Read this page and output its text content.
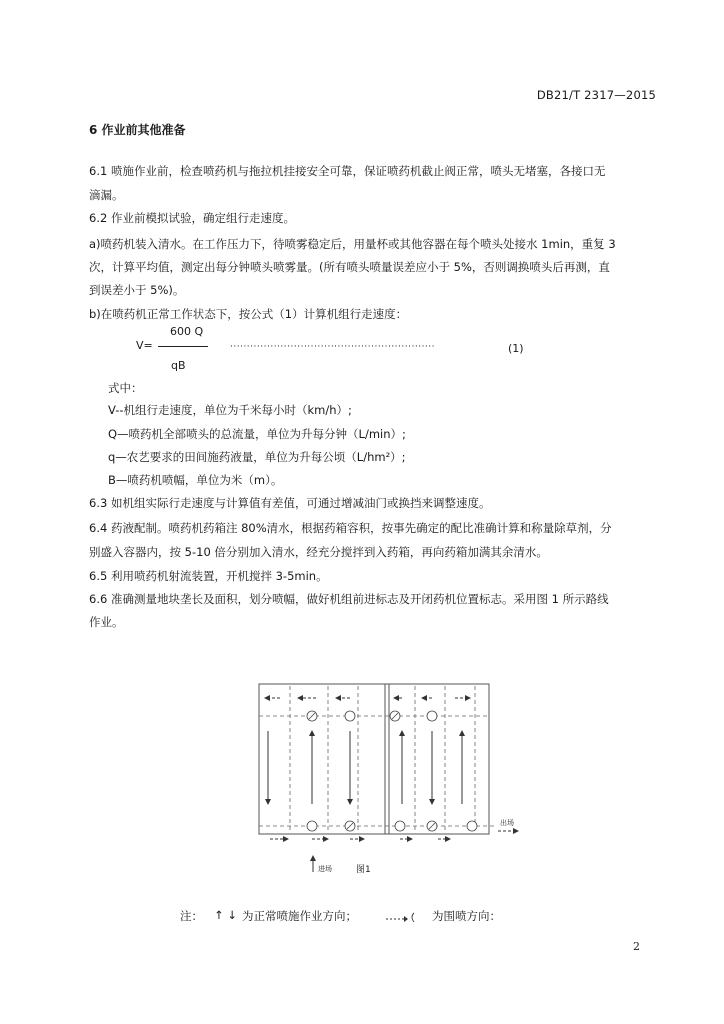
DB21/T 2317—2015
6 作业前其他准备
6.1 喷施作业前，检查喷药机与拖拉机挂接安全可靠，保证喷药机截止阀正常，喷头无堵塞，各接口无
滴漏。
6.2 作业前模拟试验，确定组行走速度。
a)喷药机装入清水。在工作压力下，待喷雾稳定后，用量杯或其他容器在每个喷头处接水 1min，重复 3
次，计算平均值，测定出每分钟喷头喷雾量。(所有喷头喷量误差应小于 5%，否则调换喷头后再测，直
到误差小于 5%)。
b)在喷药机正常工作状态下，按公式（1）计算机组行走速度：
V=
600 Q
qB
·····························································	(1)
式中：
V--机组行走速度，单位为千米每小时（km/h）;
Q—喷药机全部喷头的总流量，单位为升每分钟（L/min）;
q—农艺要求的田间施药液量，单位为升每公顷（L/hm²）;
B—喷药机喷幅，单位为米（m）。
6.3 如机组实际行走速度与计算值有差值，可通过增减油门或换挡来调整速度。
6.4 药液配制。喷药机药箱注 80%清水，根据药箱容积，按事先确定的配比准确计算和称量除草剂，分
别盛入容器内，按 5-10 倍分别加入清水，经充分搅拌到入药箱，再向药箱加满其余清水。
6.5 利用喷药机射流装置，开机搅拌 3-5min。
6.6 准确测量地块垄长及面积，划分喷幅，做好机组前进标志及开闭药机位置标志。采用图 1 所示路线
作业。
进场
出场
图1
注： ↑ ↓ 为正常喷施作业方向；	为围喷方向：
2
